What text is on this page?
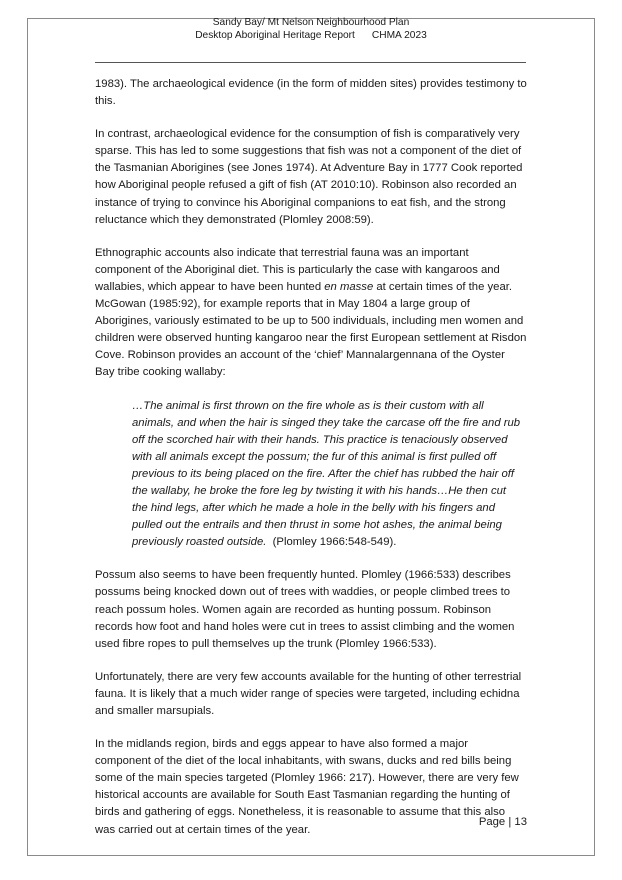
Sandy Bay/ Mt Nelson Neighbourhood Plan
Desktop Aboriginal Heritage Report      CHMA 2023

1983). The archaeological evidence (in the form of midden sites) provides testimony to this.

In contrast, archaeological evidence for the consumption of fish is comparatively very sparse. This has led to some suggestions that fish was not a component of the diet of the Tasmanian Aborigines (see Jones 1974). At Adventure Bay in 1777 Cook reported how Aboriginal people refused a gift of fish (AT 2010:10). Robinson also recorded an instance of trying to convince his Aboriginal companions to eat fish, and the strong reluctance which they demonstrated (Plomley 2008:59).

Ethnographic accounts also indicate that terrestrial fauna was an important component of the Aboriginal diet. This is particularly the case with kangaroos and wallabies, which appear to have been hunted en masse at certain times of the year. McGowan (1985:92), for example reports that in May 1804 a large group of Aborigines, variously estimated to be up to 500 individuals, including men women and children were observed hunting kangaroo near the first European settlement at Risdon Cove. Robinson provides an account of the ‘chief’ Mannalargennana of the Oyster Bay tribe cooking wallaby:

…The animal is first thrown on the fire whole as is their custom with all animals, and when the hair is singed they take the carcase off the fire and rub off the scorched hair with their hands. This practice is tenaciously observed with all animals except the possum; the fur of this animal is first pulled off previous to its being placed on the fire. After the chief has rubbed the hair off the wallaby, he broke the fore leg by twisting it with his hands…He then cut the hind legs, after which he made a hole in the belly with his fingers and pulled out the entrails and then thrust in some hot ashes, the animal being previously roasted outside.  (Plomley 1966:548-549).

Possum also seems to have been frequently hunted. Plomley (1966:533) describes possums being knocked down out of trees with waddies, or people climbed trees to reach possum holes. Women again are recorded as hunting possum. Robinson records how foot and hand holes were cut in trees to assist climbing and the women used fibre ropes to pull themselves up the trunk (Plomley 1966:533).

Unfortunately, there are very few accounts available for the hunting of other terrestrial fauna. It is likely that a much wider range of species were targeted, including echidna and smaller marsupials.

In the midlands region, birds and eggs appear to have also formed a major component of the diet of the local inhabitants, with swans, ducks and red bills being some of the main species targeted (Plomley 1966: 217). However, there are very few historical accounts are available for South East Tasmanian regarding the hunting of birds and gathering of eggs. Nonetheless, it is reasonable to assume that this also was carried out at certain times of the year.

Page | 13
